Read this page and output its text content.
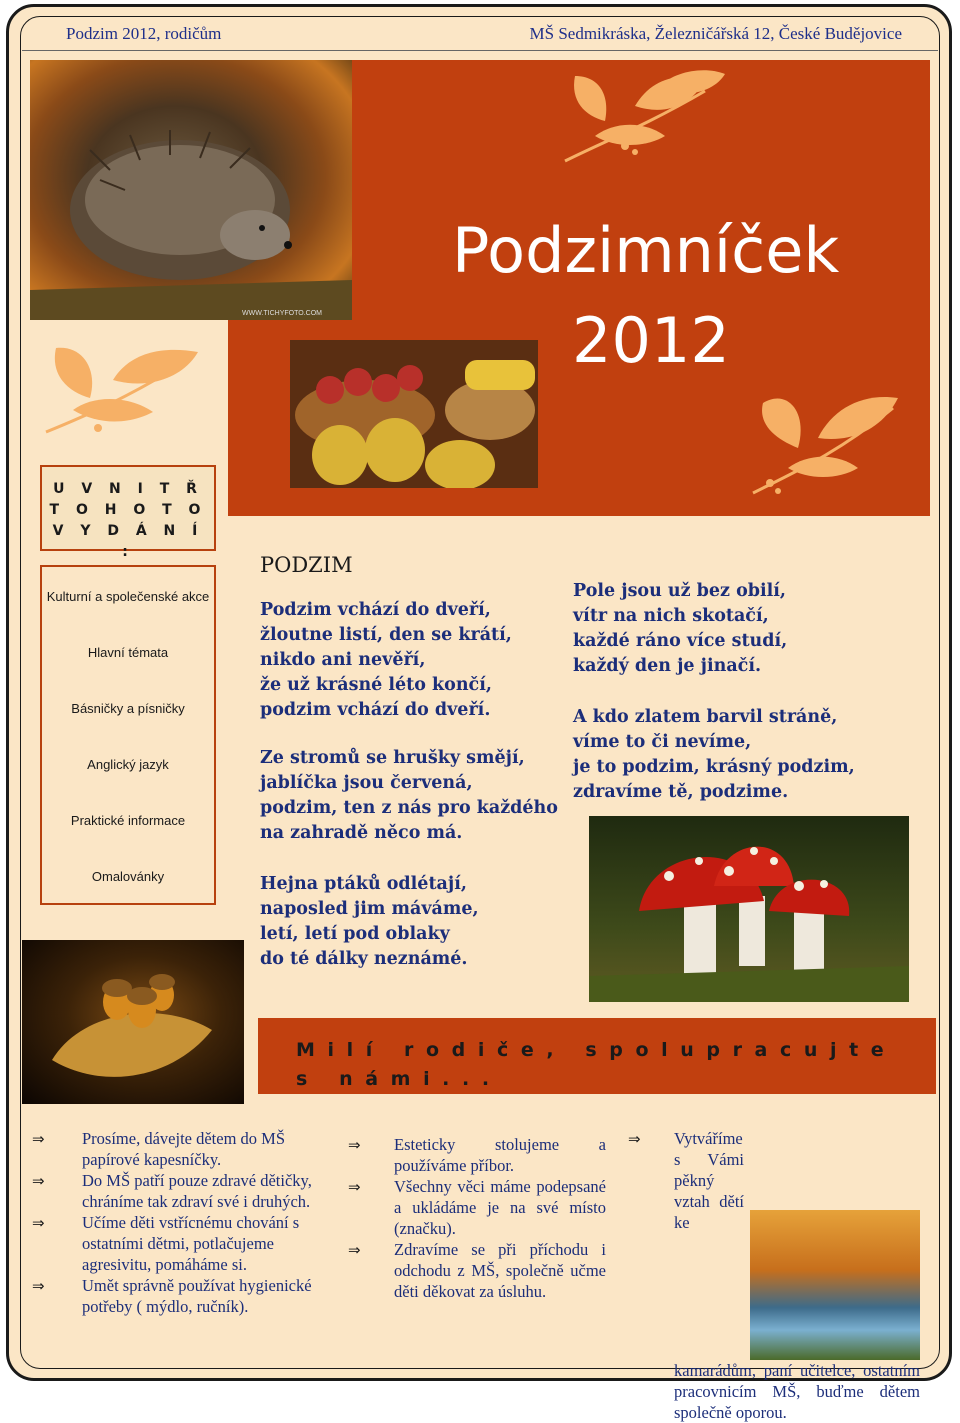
Podzim 2012, rodičům	MŠ Sedmikráska, Železničářská 12, České Budějovice
Podzimníček
2012
WWW.TICHYFOTO.COM
U V N I T Ř
T O H O T O
V Y D Á N Í :
Kulturní a společenské akce
Hlavní témata
Básničky a písničky
Anglický jazyk
Praktické informace
Omalovánky
PODZIM
Podzim vchází do dveří,
žloutne listí, den se krátí,
nikdo ani nevěří,
že už krásné léto končí,
podzim vchází do dveří.
Ze stromů se hrušky smějí,
jablíčka jsou červená,
podzim, ten z nás pro každého
na zahradě něco má.
Hejna ptáků odlétají,
naposled jim máváme,
letí, letí pod oblaky
do té dálky neznámé.
Pole jsou už bez obilí,
vítr na nich skotačí,
každé ráno více studí,
každý den je jinačí.
A kdo zlatem barvil stráně,
víme to či nevíme,
je to podzim, krásný podzim,
zdravíme tě, podzime.
Milí rodiče, spolupracujte s námi...
⇒ Prosíme, dávejte dětem do MŠ papírové kapesníčky.
⇒ Do MŠ patří pouze zdravé dětičky, chráníme tak zdraví své i druhých.
⇒ Učíme děti vstřícnému chování s ostatními dětmi, potlačujeme agresivitu, pomáháme si.
⇒ Umět správně používat hygienické potřeby ( mýdlo, ručník).
⇒ Esteticky stolujeme a používáme příbor.
⇒ Všechny věci máme podepsané a ukládáme je na své místo (značku).
⇒ Zdravíme se při příchodu i odchodu z MŠ, společně učme děti děkovat za úsluhu.
⇒ Vytváříme s Vámi pěkný vztah dětí ke kamarádům, paní učitelce, ostatním pracovnicím MŠ, buďme dětem společně oporou.
